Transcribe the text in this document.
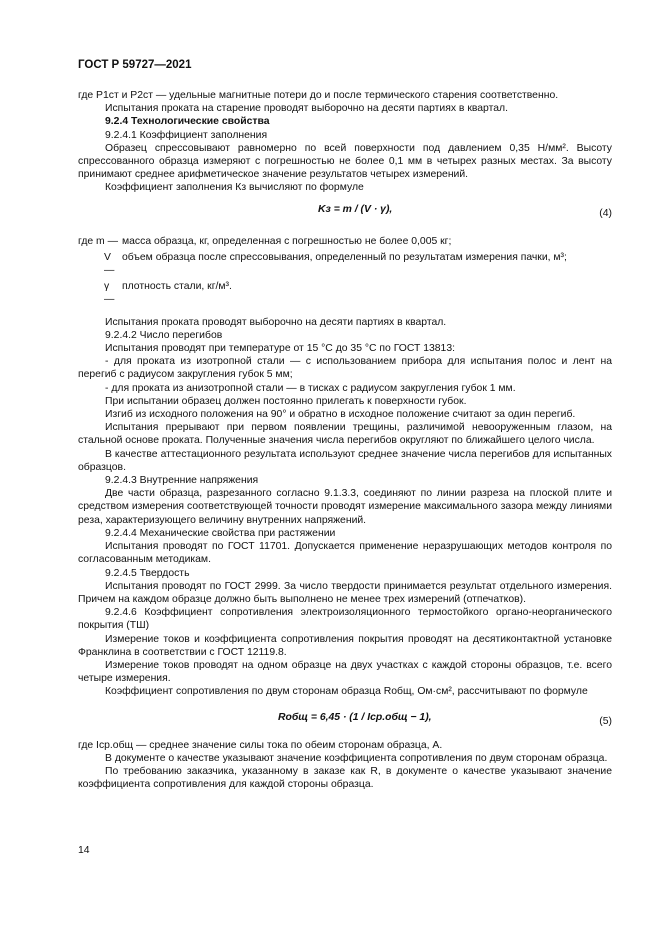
ГОСТ Р 59727—2021

где P1ст и P2ст — удельные магнитные потери до и после термического старения соответственно.

Испытания проката на старение проводят выборочно на десяти партиях в квартал.

9.2.4 Технологические свойства

9.2.4.1 Коэффициент заполнения

Образец спрессовывают равномерно по всей поверхности под давлением 0,35 Н/мм². Высоту спрессованного образца измеряют с погрешностью не более 0,1 мм в четырех разных местах. За высоту принимают среднее арифметическое значение результатов четырех измерений.

Коэффициент заполнения Кз вычисляют по формуле

Kз = m / (V · γ),	(4)
где m — масса образца, кг, определенная с погрешностью не более 0,005 кг;
V —
объем образца после спрессовывания, определенный по результатам измерения пачки, м³;
γ —
плотность стали, кг/м³.

Испытания проката проводят выборочно на десяти партиях в квартал.

9.2.4.2 Число перегибов

Испытания проводят при температуре от 15 °С до 35 °С по ГОСТ 13813:

- для проката из изотропной стали — с использованием прибора для испытания полос и лент на перегиб с радиусом закругления губок 5 мм;

- для проката из анизотропной стали — в тисках с радиусом закругления губок 1 мм.

При испытании образец должен постоянно прилегать к поверхности губок.

Изгиб из исходного положения на 90° и обратно в исходное положение считают за один перегиб.

Испытания прерывают при первом появлении трещины, различимой невооруженным глазом, на стальной основе проката. Полученные значения числа перегибов округляют по ближайшего целого числа.

В качестве аттестационного результата используют среднее значение числа перегибов для испытанных образцов.

9.2.4.3 Внутренние напряжения

Две части образца, разрезанного согласно 9.1.3.3, соединяют по линии разреза на плоской плите и средством измерения соответствующей точности проводят измерение максимального зазора между линиями реза, характеризующего величину внутренних напряжений.

9.2.4.4 Механические свойства при растяжении

Испытания проводят по ГОСТ 11701. Допускается применение неразрушающих методов контроля по согласованным методикам.

9.2.4.5 Твердость

Испытания проводят по ГОСТ 2999. За число твердости принимается результат отдельного измерения. Причем на каждом образце должно быть выполнено не менее трех измерений (отпечатков).

9.2.4.6 Коэффициент сопротивления электроизоляционного термостойкого органо-неорганического покрытия (ТШ)

Измерение токов и коэффициента сопротивления покрытия проводят на десятиконтактной установке Франклина в соответствии с ГОСТ 12119.8.

Измерение токов проводят на одном образце на двух участках с каждой стороны образцов, т.е. всего четыре измерения.

Коэффициент сопротивления по двум сторонам образца Rобщ, Ом·см², рассчитывают по формуле

Rобщ = 6,45 · (1 / Iср.общ − 1),	(5)

где Iср.общ — среднее значение силы тока по обеим сторонам образца, А.

В документе о качестве указывают значение коэффициента сопротивления по двум сторонам образца.

По требованию заказчика, указанному в заказе как R, в документе о качестве указывают значение коэффициента сопротивления для каждой стороны образца.

14
